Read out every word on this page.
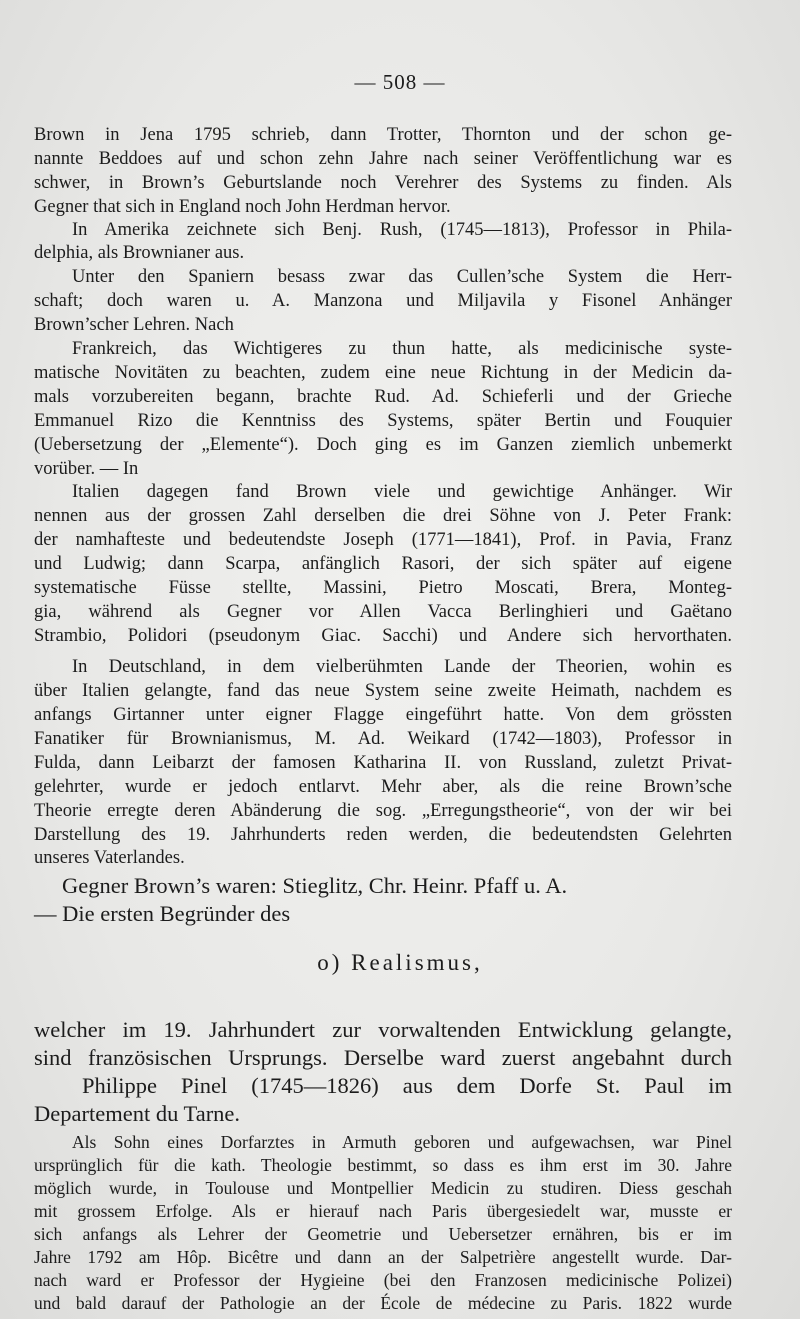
— 508 —
Brown in Jena 1795 schrieb, dann Trotter, Thornton und der schon ge-
nannte Beddoes auf und schon zehn Jahre nach seiner Veröffentlichung war es
schwer, in Brown’s Geburtslande noch Verehrer des Systems zu finden. Als
Gegner that sich in England noch John Herdman hervor.
In Amerika zeichnete sich Benj. Rush, (1745—1813), Professor in Phila-
delphia, als Brownianer aus.
Unter den Spaniern besass zwar das Cullen’sche System die Herr-
schaft; doch waren u. A. Manzona und Miljavila y Fisonel Anhänger
Brown’scher Lehren. Nach
Frankreich, das Wichtigeres zu thun hatte, als medicinische syste-
matische Novitäten zu beachten, zudem eine neue Richtung in der Medicin da-
mals vorzubereiten begann, brachte Rud. Ad. Schieferli und der Grieche
Emmanuel Rizo die Kenntniss des Systems, später Bertin und Fouquier
(Uebersetzung der „Elemente“). Doch ging es im Ganzen ziemlich unbemerkt
vorüber. — In
Italien dagegen fand Brown viele und gewichtige Anhänger. Wir
nennen aus der grossen Zahl derselben die drei Söhne von J. Peter Frank:
der namhafteste und bedeutendste Joseph (1771—1841), Prof. in Pavia, Franz
und Ludwig; dann Scarpa, anfänglich Rasori, der sich später auf eigene
systematische Füsse stellte, Massini, Pietro Moscati, Brera, Monteg-
gia, während als Gegner vor Allen Vacca Berlinghieri und Gaëtano
Strambio, Polidori (pseudonym Giac. Sacchi) und Andere sich hervorthaten.
In Deutschland, in dem vielberühmten Lande der Theorien, wohin es
über Italien gelangte, fand das neue System seine zweite Heimath, nachdem es
anfangs Girtanner unter eigner Flagge eingeführt hatte. Von dem grössten
Fanatiker für Brownianismus, M. Ad. Weikard (1742—1803), Professor in
Fulda, dann Leibarzt der famosen Katharina II. von Russland, zuletzt Privat-
gelehrter, wurde er jedoch entlarvt. Mehr aber, als die reine Brown’sche
Theorie erregte deren Abänderung die sog. „Erregungstheorie“, von der wir bei
Darstellung des 19. Jahrhunderts reden werden, die bedeutendsten Gelehrten
unseres Vaterlandes.
Gegner Brown’s waren: Stieglitz, Chr. Heinr. Pfaff u. A.
— Die ersten Begründer des
o) Realismus,
welcher im 19. Jahrhundert zur vorwaltenden Entwicklung gelangte,
sind französischen Ursprungs. Derselbe ward zuerst angebahnt durch
Philippe Pinel (1745—1826) aus dem Dorfe St. Paul im
Departement du Tarne.
Als Sohn eines Dorfarztes in Armuth geboren und aufgewachsen, war Pinel
ursprünglich für die kath. Theologie bestimmt, so dass es ihm erst im 30. Jahre
möglich wurde, in Toulouse und Montpellier Medicin zu studiren. Diess geschah
mit grossem Erfolge. Als er hierauf nach Paris übergesiedelt war, musste er
sich anfangs als Lehrer der Geometrie und Uebersetzer ernähren, bis er im
Jahre 1792 am Hôp. Bicêtre und dann an der Salpetrière angestellt wurde. Dar-
nach ward er Professor der Hygieine (bei den Franzosen medicinische Polizei)
und bald darauf der Pathologie an der École de médecine zu Paris. 1822 wurde
